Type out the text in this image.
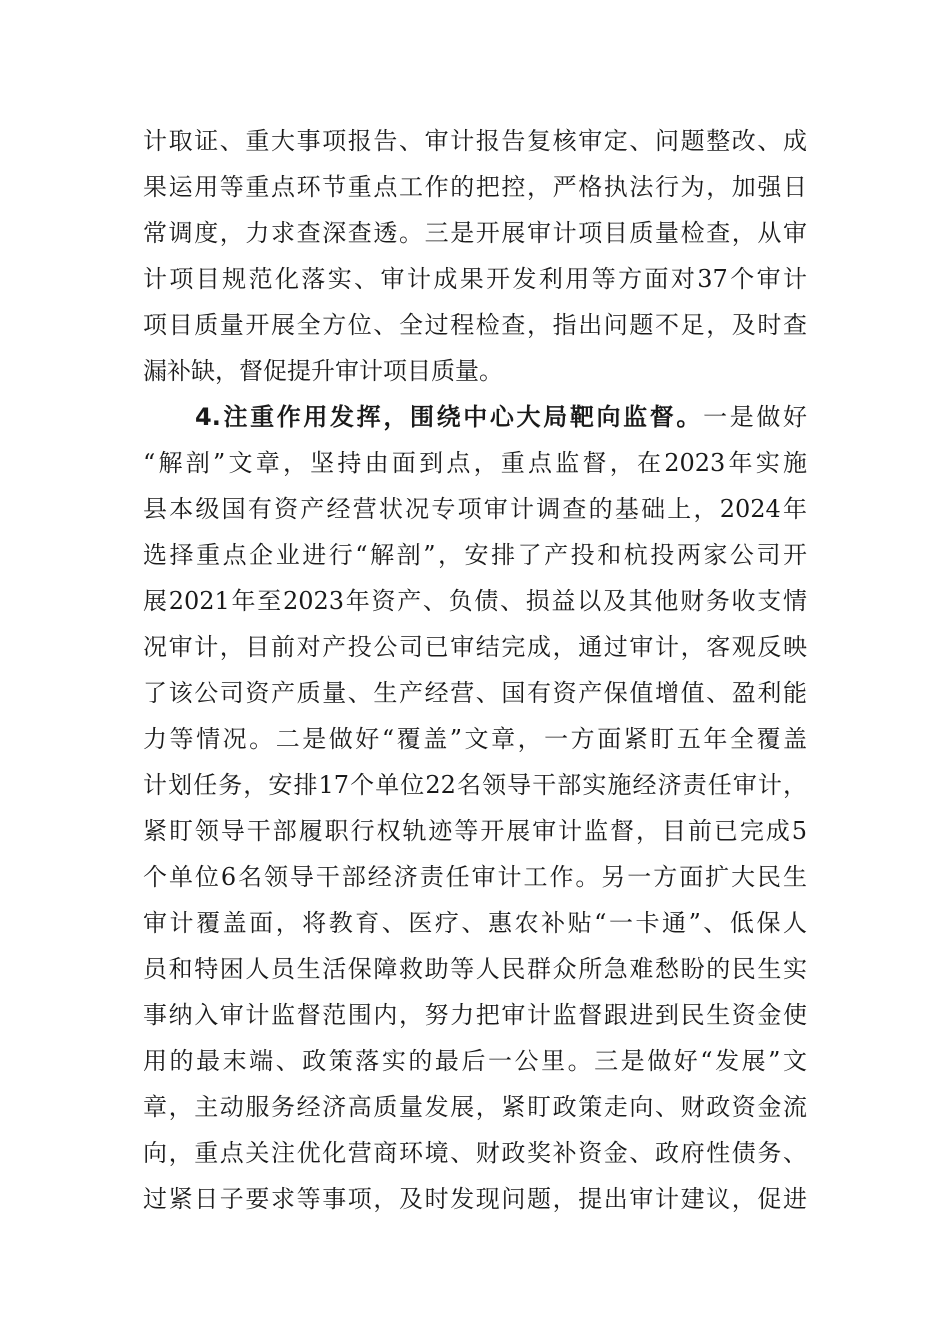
计取证、重大事项报告、审计报告复核审定、问题整改、成
果运用等重点环节重点工作的把控，严格执法行为，加强日
常调度，力求查深查透。三是开展审计项目质量检查，从审
计项目规范化落实、审计成果开发利用等方面对37个审计
项目质量开展全方位、全过程检查，指出问题不足，及时查
漏补缺，督促提升审计项目质量。
4.注重作用发挥，围绕中心大局靶向监督。一是做好
“解剖”文章，坚持由面到点，重点监督，在2023年实施
县本级国有资产经营状况专项审计调查的基础上，2024年
选择重点企业进行“解剖”，安排了产投和杭投两家公司开
展2021年至2023年资产、负债、损益以及其他财务收支情
况审计，目前对产投公司已审结完成，通过审计，客观反映
了该公司资产质量、生产经营、国有资产保值增值、盈利能
力等情况。二是做好“覆盖”文章，一方面紧盯五年全覆盖
计划任务，安排17个单位22名领导干部实施经济责任审计，
紧盯领导干部履职行权轨迹等开展审计监督，目前已完成5
个单位6名领导干部经济责任审计工作。另一方面扩大民生
审计覆盖面，将教育、医疗、惠农补贴“一卡通”、低保人
员和特困人员生活保障救助等人民群众所急难愁盼的民生实
事纳入审计监督范围内，努力把审计监督跟进到民生资金使
用的最末端、政策落实的最后一公里。三是做好“发展”文
章，主动服务经济高质量发展，紧盯政策走向、财政资金流
向，重点关注优化营商环境、财政奖补资金、政府性债务、
过紧日子要求等事项，及时发现问题，提出审计建议，促进
